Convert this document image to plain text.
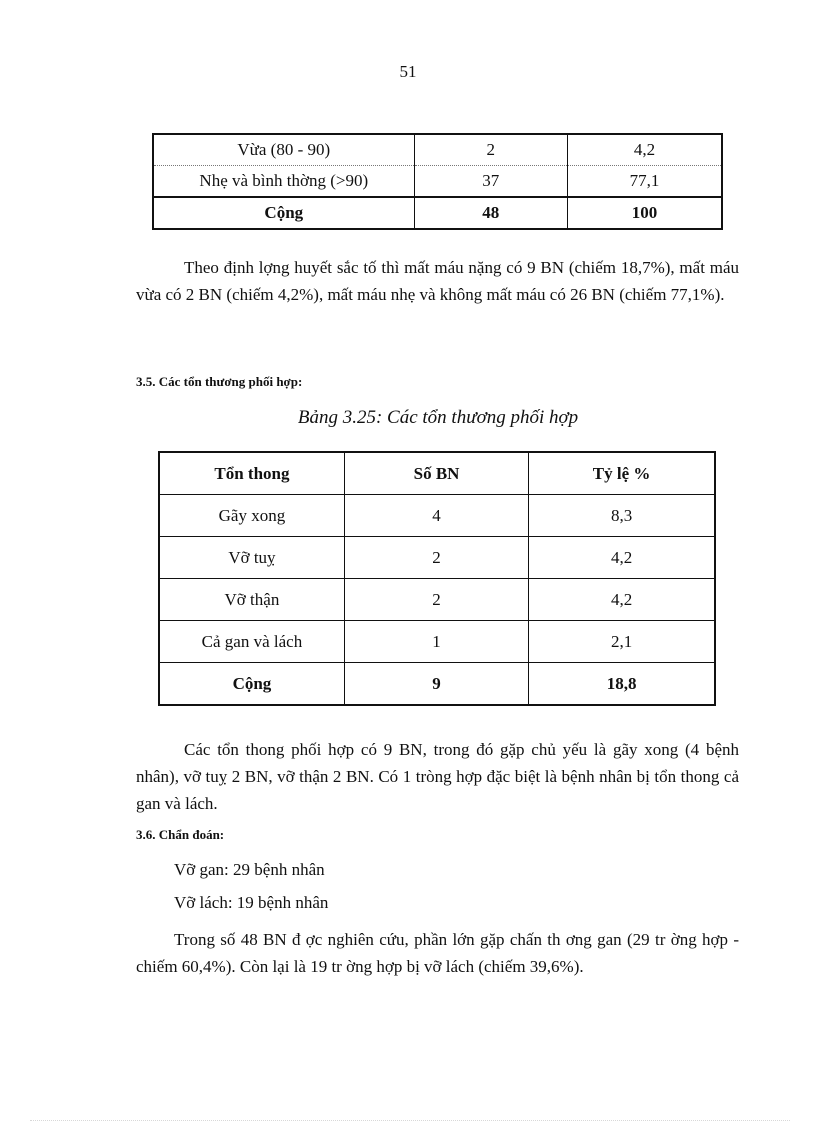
51
Vừa (80 - 90)	2	4,2
Nhẹ và bình thờng (>90)	37	77,1
Cộng	48	100

Theo định lợng huyết sắc tố thì mất máu nặng có 9 BN (chiếm 18,7%), mất máu vừa có 2 BN (chiếm 4,2%), mất máu nhẹ và không mất máu có 26 BN (chiếm 77,1%).

3.5. Các tổn thương phối hợp:

Bảng 3.25: Các tổn thương phối hợp

Tổn thong	Số BN	Tỷ lệ %
Gãy xong	4	8,3
Vỡ tuỵ	2	4,2
Vỡ thận	2	4,2
Cả gan và lách	1	2,1
Cộng	9	18,8

Các tổn thong phối hợp có 9 BN, trong đó gặp chủ yếu là gãy xong (4 bệnh nhân), vỡ tuỵ 2 BN, vỡ thận 2 BN. Có 1 tròng hợp đặc biệt là bệnh nhân bị tổn thong cả gan và lách.

3.6. Chẩn đoán:

Vỡ gan: 29 bệnh nhân

Vỡ lách: 19 bệnh nhân

Trong số 48 BN đ ợc nghiên cứu, phần lớn gặp chấn th ơng gan (29 tr ờng hợp - chiếm 60,4%). Còn lại là 19 tr ờng hợp bị vỡ lách (chiếm 39,6%).
